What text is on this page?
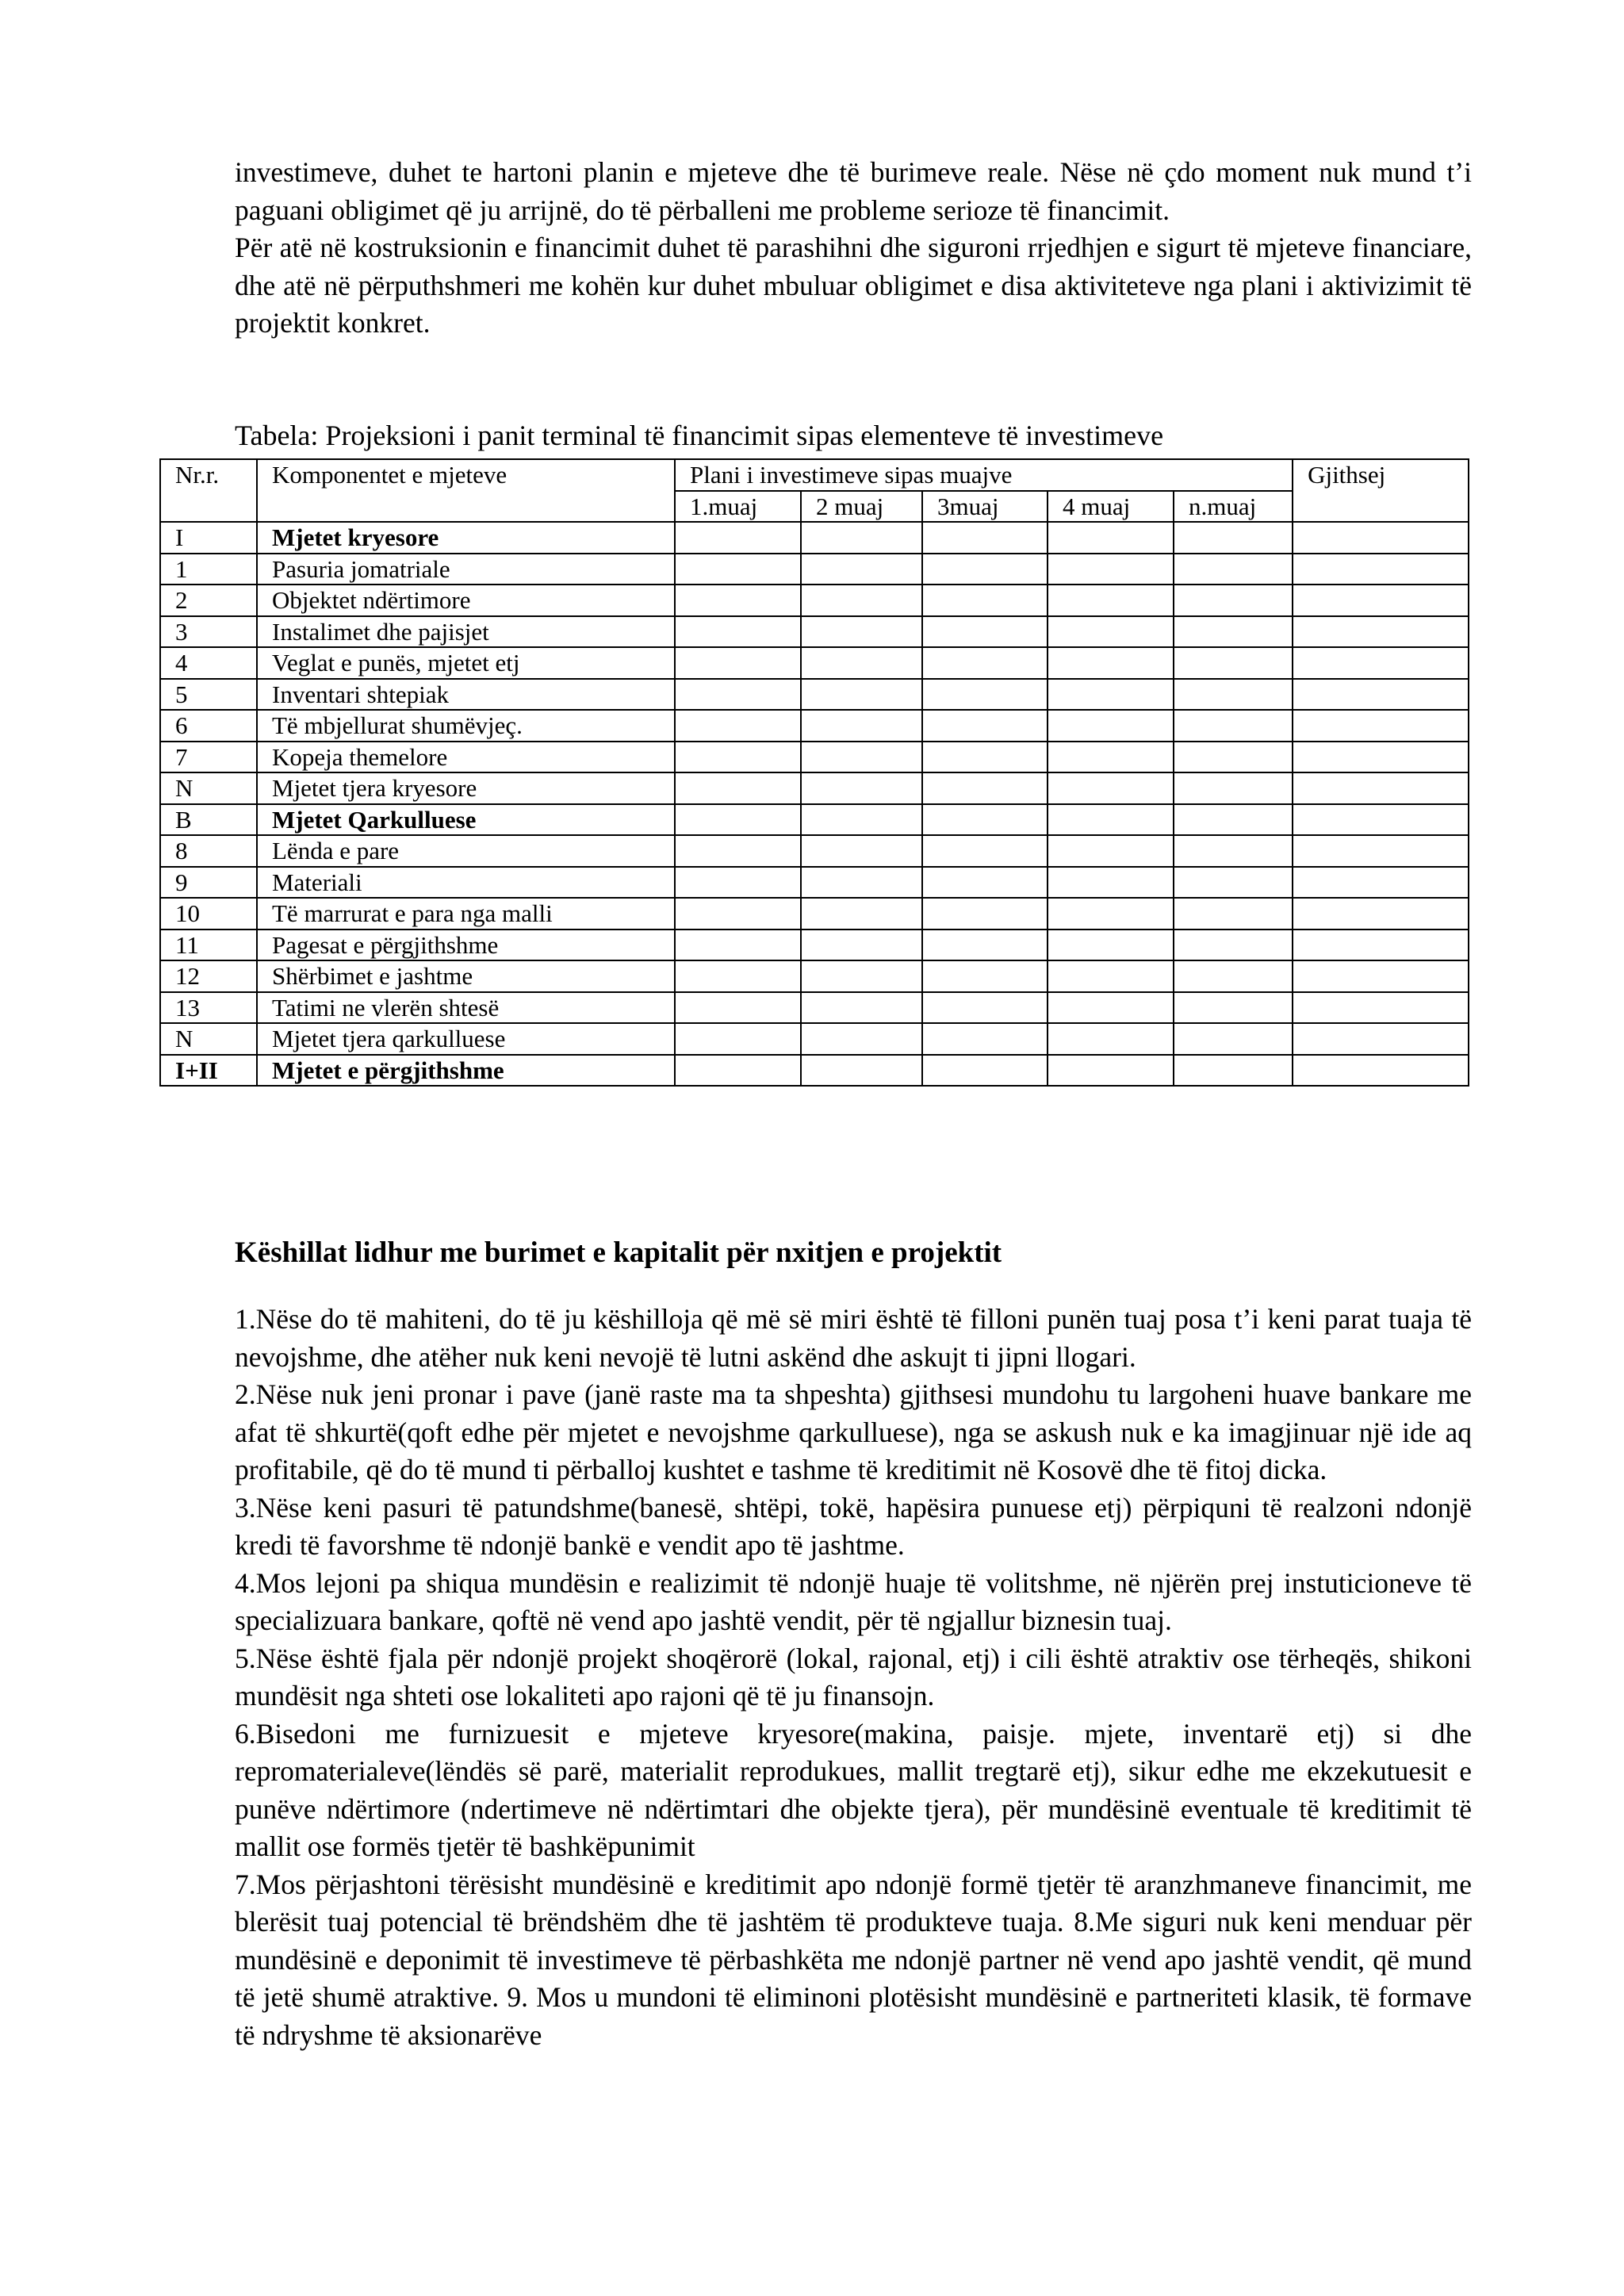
investimeve, duhet te hartoni planin e mjeteve dhe të burimeve reale. Nëse në çdo moment nuk mund t’i paguani obligimet që ju arrijnë, do të përballeni me probleme serioze të financimit.

Për atë në kostruksionin e financimit duhet të parashihni dhe siguroni rrjedhjen e sigurt të mjeteve financiare, dhe atë në përputhshmeri me kohën kur duhet mbuluar obligimet e disa aktiviteteve nga plani i aktivizimit të projektit konkret.

Tabela: Projeksioni i panit terminal të financimit sipas elementeve të investimeve

Nr.r.	Komponentet e mjeteve	Plani i investimeve sipas muajve					Gjithsej
		1.muaj	2 muaj	3muaj	4 muaj	n.muaj	
I	Mjetet kryesore						
1	Pasuria jomatriale						
2	Objektet ndërtimore						
3	Instalimet dhe pajisjet						
4	Veglat e punës, mjetet etj						
5	Inventari shtepiak						
6	Të mbjellurat shumëvjeç.						
7	Kopeja themelore						
N	Mjetet tjera kryesore						
B	Mjetet Qarkulluese						
8	Lënda e pare						
9	Materiali						
10	Të marrurat e para nga malli						
11	Pagesat e përgjithshme						
12	Shërbimet e jashtme						
13	Tatimi ne vlerën shtesë						
N	Mjetet tjera qarkulluese						
I+II	Mjetet e përgjithshme						

Këshillat lidhur me burimet e kapitalit për nxitjen e projektit

1.Nëse do të mahiteni, do të ju këshilloja që më së miri është të filloni punën tuaj posa t’i keni parat tuaja të nevojshme, dhe atëher nuk keni nevojë të lutni askënd dhe askujt ti jipni llogari.

2.Nëse nuk jeni pronar i pave (janë raste ma ta shpeshta) gjithsesi mundohu tu largoheni huave bankare me afat të shkurtë(qoft edhe për mjetet e nevojshme qarkulluese), nga se askush nuk e ka imagjinuar një ide aq profitabile, që do të mund ti përballoj kushtet e tashme të kreditimit në Kosovë dhe të fitoj dicka.

3.Nëse keni pasuri të patundshme(banesë, shtëpi, tokë, hapësira punuese etj) përpiquni të realzoni ndonjë kredi të favorshme të ndonjë bankë e vendit apo të jashtme.

4.Mos lejoni pa shiqua mundësin e realizimit të ndonjë huaje të volitshme, në njërën prej instuticioneve të specializuara bankare, qoftë në vend apo jashtë vendit, për të ngjallur biznesin tuaj.

5.Nëse është fjala për ndonjë projekt shoqërorë (lokal, rajonal, etj) i cili është atraktiv ose tërheqës, shikoni mundësit nga shteti ose lokaliteti apo rajoni që të ju finansojn.

6.Bisedoni me furnizuesit e mjeteve kryesore(makina, paisje. mjete, inventarë etj) si dhe repromaterialeve(lëndës së parë, materialit reprodukues, mallit tregtarë etj), sikur edhe me ekzekutuesit e punëve ndërtimore (ndertimeve në ndërtimtari dhe objekte tjera), për mundësinë eventuale të kreditimit të mallit ose formës tjetër të bashkëpunimit

7.Mos përjashtoni tërësisht mundësinë e kreditimit apo ndonjë formë tjetër të aranzhmaneve financimit, me blerësit tuaj potencial të brëndshëm dhe të jashtëm të produkteve tuaja. 8.Me siguri nuk keni menduar për mundësinë e deponimit të investimeve të përbashkëta me ndonjë partner në vend apo jashtë vendit, që mund të jetë shumë atraktive. 9. Mos u mundoni të eliminoni plotësisht mundësinë e partneriteti klasik, të formave të ndryshme të aksionarëve
